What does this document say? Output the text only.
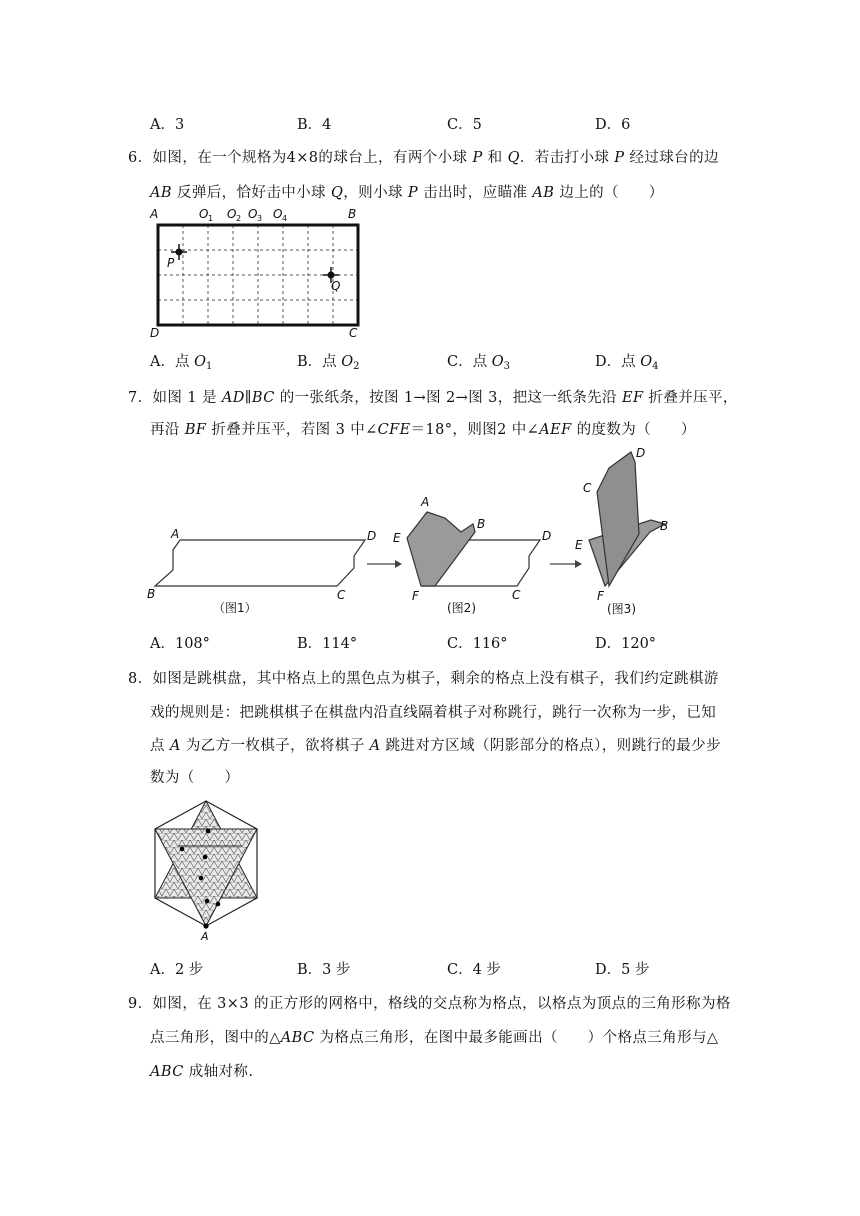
A．3	B．4	C．5	D．6
6．如图，在一个规格为4×8的球台上，有两个小球 P 和 Q．若击打小球 P 经过球台的边
AB 反弹后，恰好击中小球 Q，则小球 P 击出时，应瞄准 AB 边上的（　　）
A	B
C
D
O 1 O 2 O 3 O 4
P
Q
A．点 $O_1$	B．点 $O_2$	C．点 $O_3$	D．点 $O_4$
7．如图 1 是 AD∥BC 的一张纸条，按图 1→图 2→图 3，把这一纸条先沿 EF 折叠并压平，
再沿 BF 折叠并压平，若图 3 中∠CFE＝18°，则图2 中∠AEF 的度数为（　　）
A
B	C
D
（图1）
A
B
C
D
E
F
(图2)
D
C
B
E
F
(图3)
A．108°	B．114°	C．116°	D．120°
8．如图是跳棋盘，其中格点上的黑色点为棋子，剩余的格点上没有棋子，我们约定跳棋游
戏的规则是：把跳棋棋子在棋盘内沿直线隔着棋子对称跳行，跳行一次称为一步，已知
点 A 为乙方一枚棋子，欲将棋子 A 跳进对方区域（阴影部分的格点），则跳行的最少步
数为（　　）
A
A．2 步	B．3 步	C．4 步	D．5 步
9．如图，在 3×3 的正方形的网格中，格线的交点称为格点，以格点为顶点的三角形称为格
点三角形，图中的△ABC 为格点三角形，在图中最多能画出（　　）个格点三角形与△
ABC 成轴对称.
